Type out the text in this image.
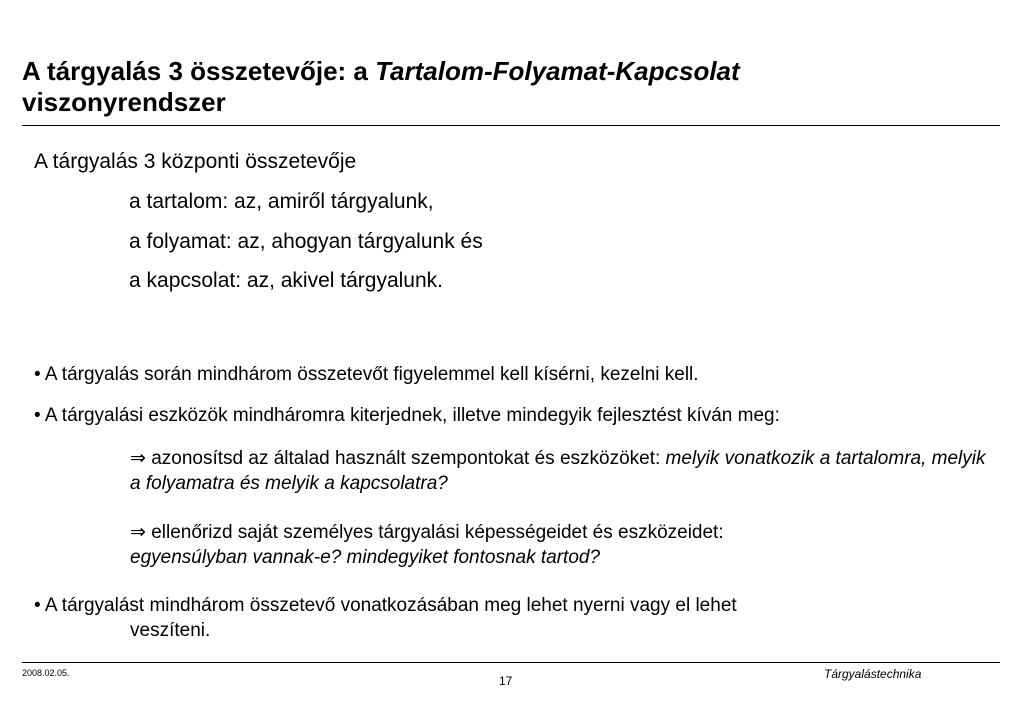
A tárgyalás 3 összetevője: a Tartalom-Folyamat-Kapcsolat
viszonyrendszer
A tárgyalás 3 központi összetevője
a tartalom: az, amiről tárgyalunk,
a folyamat: az, ahogyan tárgyalunk és
a kapcsolat: az, akivel tárgyalunk.
• A tárgyalás során mindhárom összetevőt figyelemmel kell kísérni, kezelni kell.
• A tárgyalási eszközök mindháromra kiterjednek, illetve mindegyik fejlesztést kíván meg:
⇒ azonosítsd az általad használt szempontokat és eszközöket: melyik vonatkozik a tartalomra, melyik a folyamatra és melyik a kapcsolatra?
⇒ ellenőrizd saját személyes tárgyalási képességeidet és eszközeidet:
egyensúlyban vannak-e? mindegyiket fontosnak tartod?
• A tárgyalást mindhárom összetevő vonatkozásában meg lehet nyerni vagy el lehet
veszíteni.
2008.02.05.
17	Tárgyalástechnika
